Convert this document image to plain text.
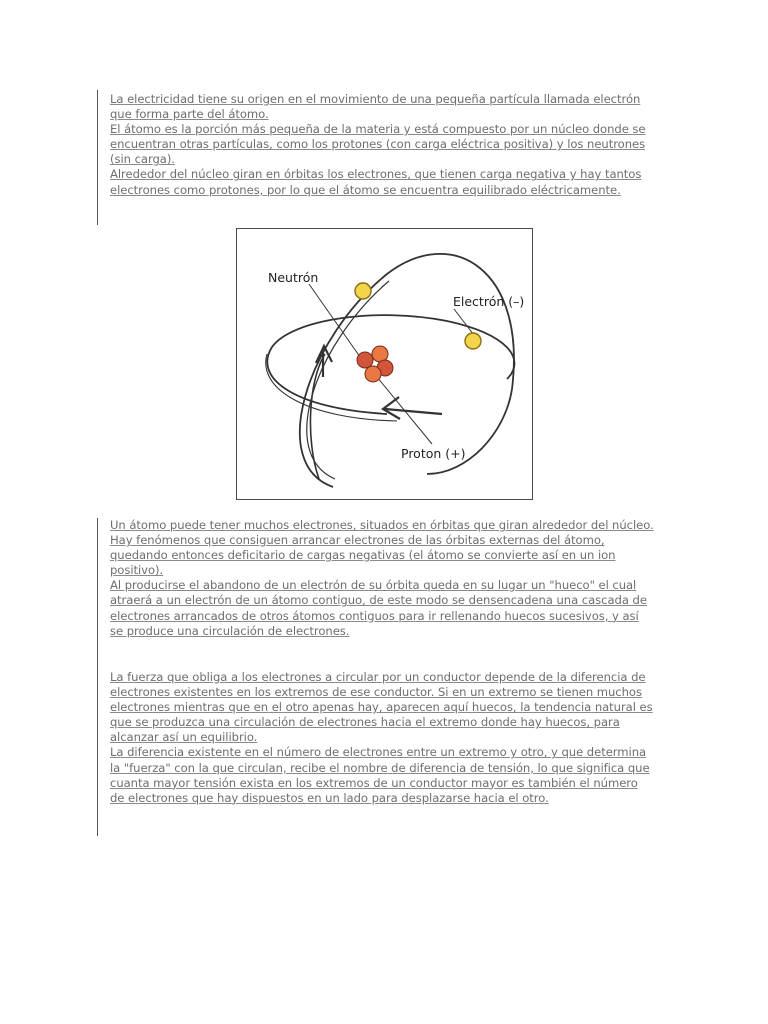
La electricidad tiene su origen en el movimiento de una pequeña partícula llamada electrón que forma parte del átomo.
El átomo es la porción más pequeña de la materia y está compuesto por un núcleo donde se encuentran otras partículas, como los protones (con carga eléctrica positiva) y los neutrones (sin carga).
Alrededor del núcleo giran en órbitas los electrones, que tienen carga negativa y hay tantos electrones como protones, por lo que el átomo se encuentra equilibrado eléctricamente.
Neutrón
Electrón (–)
Proton (+)
Un átomo puede tener muchos electrones, situados en órbitas que giran alrededor del núcleo. Hay fenómenos que consiguen arrancar electrones de las órbitas externas del átomo, quedando entonces deficitario de cargas negativas (el átomo se convierte así en un ion positivo).
Al producirse el abandono de un electrón de su órbita queda en su lugar un "hueco" el cual atraerá a un electrón de un átomo contiguo, de este modo se densencadena una cascada de electrones arrancados de otros átomos contiguos para ir rellenando huecos sucesivos, y así se produce una circulación de electrones.
La fuerza que obliga a los electrones a circular por un conductor depende de la diferencia de electrones existentes en los extremos de ese conductor. Si en un extremo se tienen muchos electrones mientras que en el otro apenas hay, aparecen aquí huecos, la tendencia natural es que se produzca una circulación de electrones hacia el extremo donde hay huecos, para alcanzar así un equilibrio.
La diferencia existente en el número de electrones entre un extremo y otro, y que determina la "fuerza" con la que circulan, recibe el nombre de diferencia de tensión, lo que significa que cuanta mayor tensión exista en los extremos de un conductor mayor es también el número de electrones que hay dispuestos en un lado para desplazarse hacia el otro.
